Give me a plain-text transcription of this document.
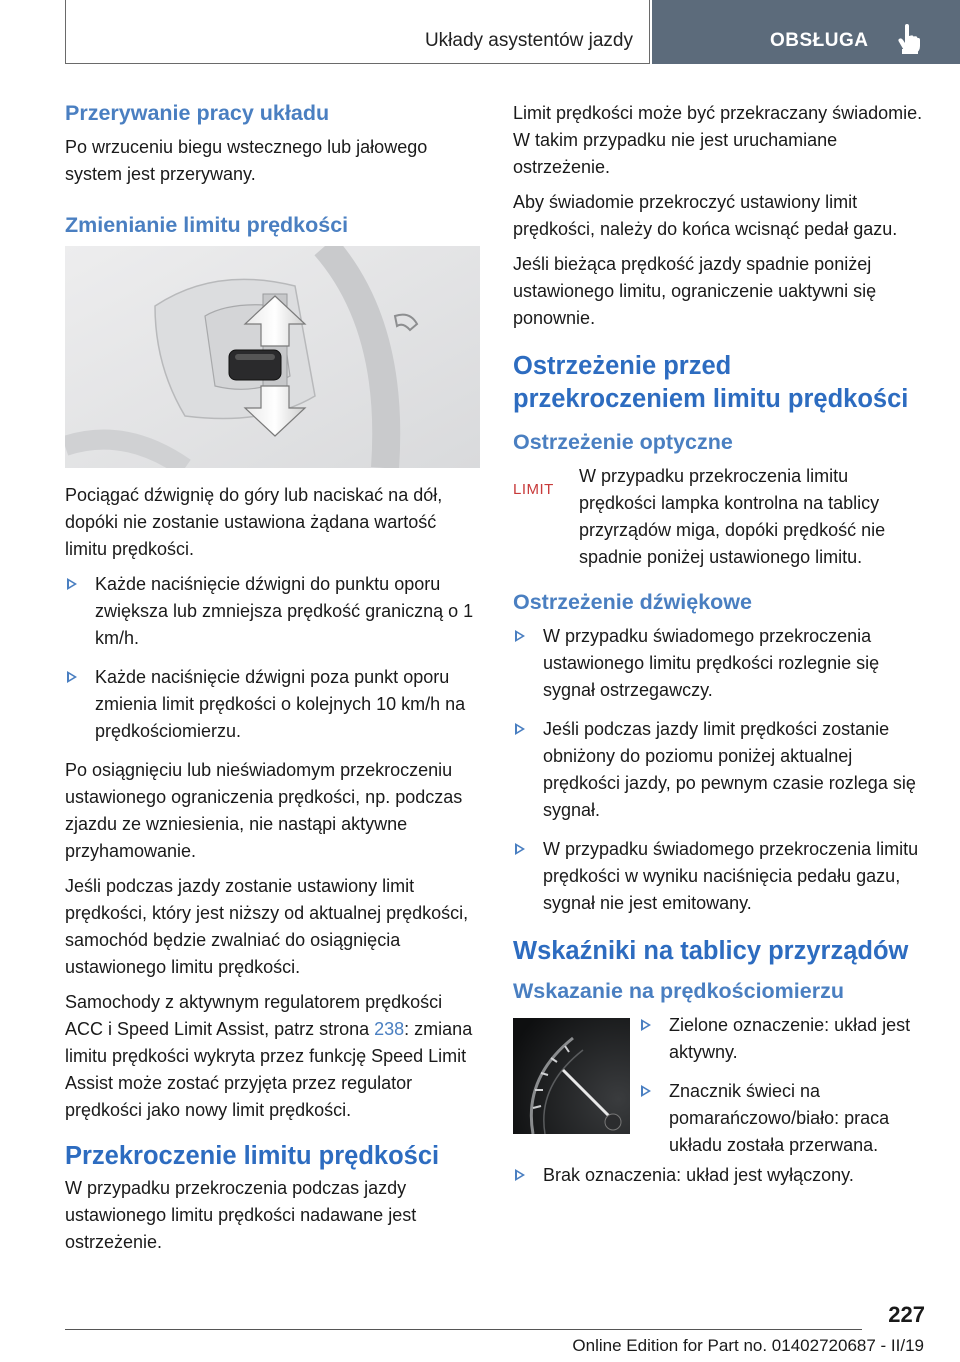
Układy asystentów jazdy	OBSŁUGA
Przerywanie pracy układu

Po wrzuceniu biegu wstecznego lub jałowego system jest przerywany.

Zmienianie limitu prędkości

Pociągać dźwignię do góry lub naciskać na dół, dopóki nie zostanie ustawiona żądana wartość limitu prędkości.

Każde naciśnięcie dźwigni do punktu oporu zwiększa lub zmniejsza prędkość graniczną o 1 km/h.
Każde naciśnięcie dźwigni poza punkt oporu zmienia limit prędkości o kolejnych 10 km/h na prędkościomierzu.

Po osiągnięciu lub nieświadomym przekroczeniu ustawionego ograniczenia prędkości, np. podczas zjazdu ze wzniesienia, nie nastąpi aktywne przyhamowanie.

Jeśli podczas jazdy zostanie ustawiony limit prędkości, który jest niższy od aktualnej prędkości, samochód będzie zwalniać do osiągnięcia ustawionego limitu prędkości.

Samochody z aktywnym regulatorem prędkości ACC i Speed Limit Assist, patrz strona 238: zmiana limitu prędkości wykryta przez funkcję Speed Limit Assist może zostać przyjęta przez regulator prędkości jako nowy limit prędkości.

Przekroczenie limitu prędkości

W przypadku przekroczenia podczas jazdy ustawionego limitu prędkości nadawane jest ostrzeżenie.

Limit prędkości może być przekraczany świadomie. W takim przypadku nie jest uruchamiane ostrzeżenie.

Aby świadomie przekroczyć ustawiony limit prędkości, należy do końca wcisnąć pedał gazu.

Jeśli bieżąca prędkość jazdy spadnie poniżej ustawionego limitu, ograniczenie uaktywni się ponownie.

Ostrzeżenie przed przekroczeniem limitu prędkości
Ostrzeżenie optyczne
LIMIT

W przypadku przekroczenia limitu prędkości lampka kontrolna na tablicy przyrządów miga, dopóki prędkość nie spadnie poniżej ustawionego limitu.

Ostrzeżenie dźwiękowe
W przypadku świadomego przekroczenia ustawionego limitu prędkości rozlegnie się sygnał ostrzegawczy.
Jeśli podczas jazdy limit prędkości zostanie obniżony do poziomu poniżej aktualnej prędkości jazdy, po pewnym czasie rozlega się sygnał.
W przypadku świadomego przekroczenia limitu prędkości w wyniku naciśnięcia pedału gazu, sygnał nie jest emitowany.
Wskaźniki na tablicy przyrządów
Wskazanie na prędkościomierzu
Zielone oznaczenie: układ jest aktywny.
Znacznik świeci na pomarańczowo/biało: praca układu została przerwana.
Brak oznaczenia: układ jest wyłączony.
227
Online Edition for Part no. 01402720687 - II/19
